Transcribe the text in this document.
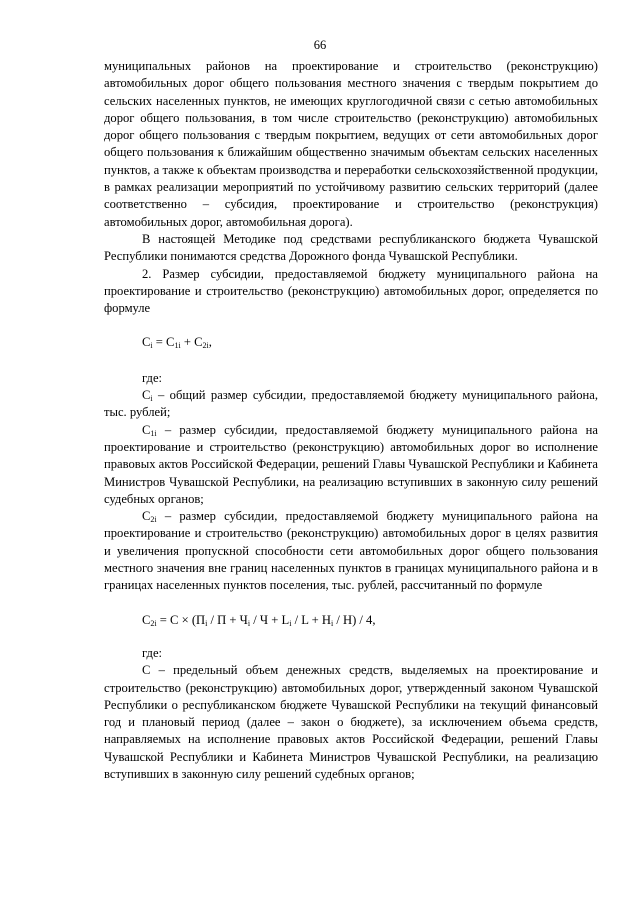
66

муниципальных районов на проектирование и строительство (реконструкцию) автомобильных дорог общего пользования местного значения с твердым покрытием до сельских населенных пунктов, не имеющих круглогодичной связи с сетью автомобильных дорог общего пользования, в том числе строительство (реконструкцию) автомобильных дорог общего пользования с твердым покрытием, ведущих от сети автомобильных дорог общего пользования к ближайшим общественно значимым объектам сельских населенных пунктов, а также к объектам производства и переработки сельскохозяйственной продукции, в рамках реализации мероприятий по устойчивому развитию сельских территорий (далее соответственно – субсидия, проектирование и строительство (реконструкция) автомобильных дорог, автомобильная дорога).

В настоящей Методике под средствами республиканского бюджета Чувашской Республики понимаются средства Дорожного фонда Чувашской Республики.

2. Размер субсидии, предоставляемой бюджету муниципального района на проектирование и строительство (реконструкцию) автомобильных дорог, определяется по формуле

$С_i = С_{1i} + С_{2i}$,

где:

$С_i$ – общий размер субсидии, предоставляемой бюджету муниципального района, тыс. рублей;

$С_{1i}$ – размер субсидии, предоставляемой бюджету муниципального района на проектирование и строительство (реконструкцию) автомобильных дорог во исполнение правовых актов Российской Федерации, решений Главы Чувашской Республики и Кабинета Министров Чувашской Республики, на реализацию вступивших в законную силу решений судебных органов;

$С_{2i}$ – размер субсидии, предоставляемой бюджету муниципального района на проектирование и строительство (реконструкцию) автомобильных дорог в целях развития и увеличения пропускной способности сети автомобильных дорог общего пользования местного значения вне границ населенных пунктов в границах муниципального района и в границах населенных пунктов поселения, тыс. рублей, рассчитанный по формуле

$С_{2i} = С \times (П_i / П + Ч_i / Ч + L_i / L + Н_i / Н) / 4$,

где:

С – предельный объем денежных средств, выделяемых на проектирование и строительство (реконструкцию) автомобильных дорог, утвержденный законом Чувашской Республики о республиканском бюджете Чувашской Республики на текущий финансовый год и плановый период (далее – закон о бюджете), за исключением объема средств, направляемых на исполнение правовых актов Российской Федерации, решений Главы Чувашской Республики и Кабинета Министров Чувашской Республики, на реализацию вступивших в законную силу решений судебных органов;
